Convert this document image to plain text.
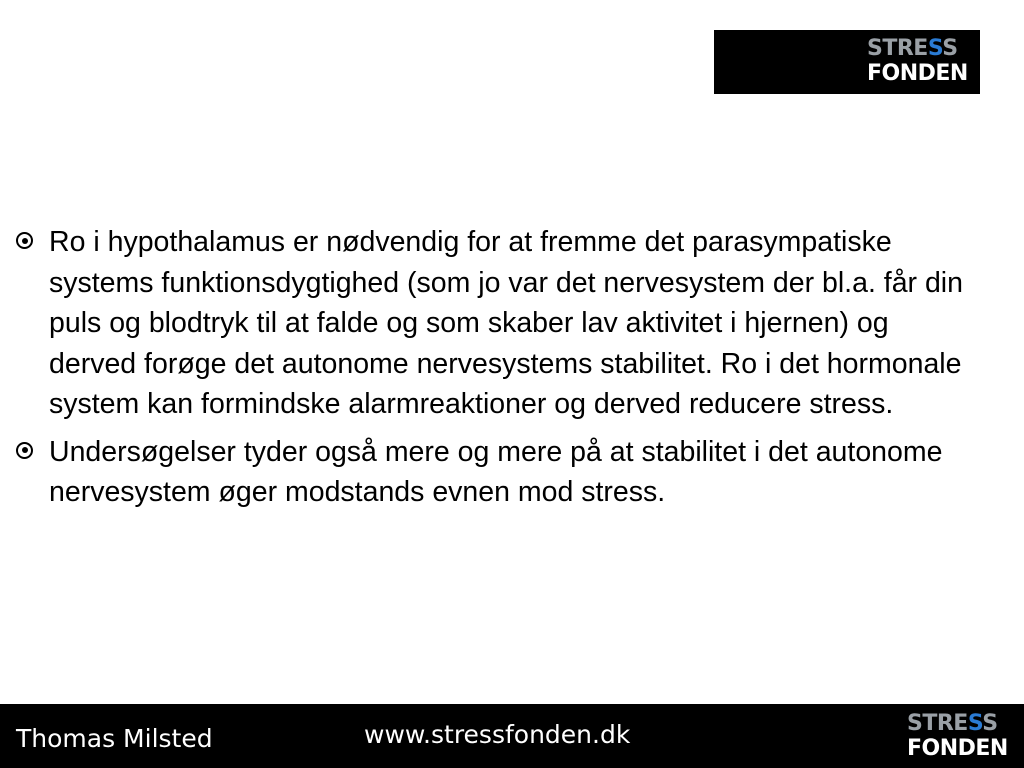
STRESS
FONDEN
Ro i hypothalamus er nødvendig for at fremme det parasympatiske systems funktionsdygtighed (som jo var det nervesystem der bl.a. får din puls og blodtryk til at falde og som skaber lav aktivitet i hjernen) og derved forøge det autonome nervesystems stabilitet. Ro i det hormonale system kan formindske alarmreaktioner og derved reducere stress.
Undersøgelser tyder også mere og mere på at stabilitet i det autonome nervesystem øger modstands evnen mod stress.
Thomas Milsted	www.stressfonden.dk	STRESS
FONDEN
